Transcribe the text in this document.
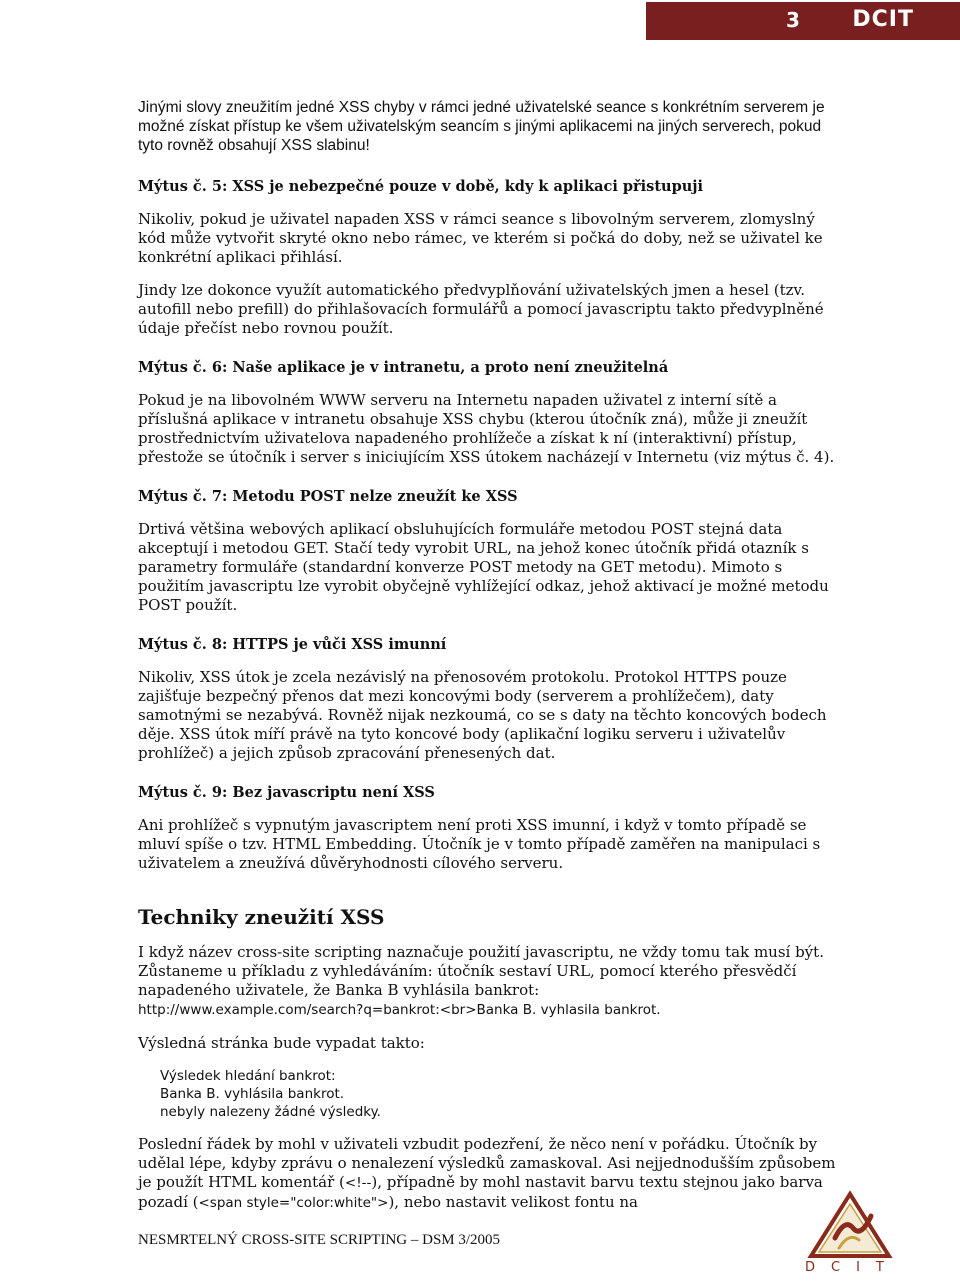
3 DCIT

Jinými slovy zneužitím jedné XSS chyby v rámci jedné uživatelské seance s konkrétním serverem je možné získat přístup ke všem uživatelským seancím s jinými aplikacemi na jiných serverech, pokud tyto rovněž obsahují XSS slabinu!

Mýtus č. 5: XSS je nebezpečné pouze v době, kdy k aplikaci přistupuji

Nikoliv, pokud je uživatel napaden XSS v rámci seance s libovolným serverem, zlomyslný kód může vytvořit skryté okno nebo rámec, ve kterém si počká do doby, než se uživatel ke konkrétní aplikaci přihlásí.

Jindy lze dokonce využít automatického předvyplňování uživatelských jmen a hesel (tzv. autofill nebo prefill) do přihlašovacích formulářů a pomocí javascriptu takto předvyplněné údaje přečíst nebo rovnou použít.

Mýtus č. 6: Naše aplikace je v intranetu, a proto není zneužitelná

Pokud je na libovolném WWW serveru na Internetu napaden uživatel z interní sítě a příslušná aplikace v intranetu obsahuje XSS chybu (kterou útočník zná), může ji zneužít prostřednictvím uživatelova napadeného prohlížeče a získat k ní (interaktivní) přístup, přestože se útočník i server s iniciujícím XSS útokem nacházejí v Internetu (viz mýtus č. 4).

Mýtus č. 7: Metodu POST nelze zneužít ke XSS

Drtivá většina webových aplikací obsluhujících formuláře metodou POST stejná data akceptují i metodou GET. Stačí tedy vyrobit URL, na jehož konec útočník přidá otazník s parametry formuláře (standardní konverze POST metody na GET metodu). Mimoto s použitím javascriptu lze vyrobit obyčejně vyhlížející odkaz, jehož aktivací je možné metodu POST použít.

Mýtus č. 8: HTTPS je vůči XSS imunní

Nikoliv, XSS útok je zcela nezávislý na přenosovém protokolu. Protokol HTTPS pouze zajišťuje bezpečný přenos dat mezi koncovými body (serverem a prohlížečem), daty samotnými se nezabývá. Rovněž nijak nezkoumá, co se s daty na těchto koncových bodech děje. XSS útok míří právě na tyto koncové body (aplikační logiku serveru i uživatelův prohlížeč) a jejich způsob zpracování přenesených dat.

Mýtus č. 9: Bez javascriptu není XSS

Ani prohlížeč s vypnutým javascriptem není proti XSS imunní, i když v tomto případě se mluví spíše o tzv. HTML Embedding. Útočník je v tomto případě zaměřen na manipulaci s uživatelem a zneužívá důvěryhodnosti cílového serveru.

Techniky zneužití XSS

I když název cross-site scripting naznačuje použití javascriptu, ne vždy tomu tak musí být. Zůstaneme u příkladu z vyhledáváním: útočník sestaví URL, pomocí kterého přesvědčí napadeného uživatele, že Banka B vyhlásila bankrot:
http://www.example.com/search?q=bankrot:<br>Banka B. vyhlasila bankrot.

Výsledná stránka bude vypadat takto:

Výsledek hledání bankrot:
Banka B. vyhlásila bankrot.
nebyly nalezeny žádné výsledky.

Poslední řádek by mohl v uživateli vzbudit podezření, že něco není v pořádku. Útočník by udělal lépe, kdyby zprávu o nenalezení výsledků zamaskoval. Asi nejjednodušším způsobem je použít HTML komentář (<!--), případně by mohl nastavit barvu textu stejnou jako barva pozadí (<span style="color:white">), nebo nastavit velikost fontu na

NESMRTELNÝ CROSS-SITE SCRIPTING – DSM 3/2005
DCIT
